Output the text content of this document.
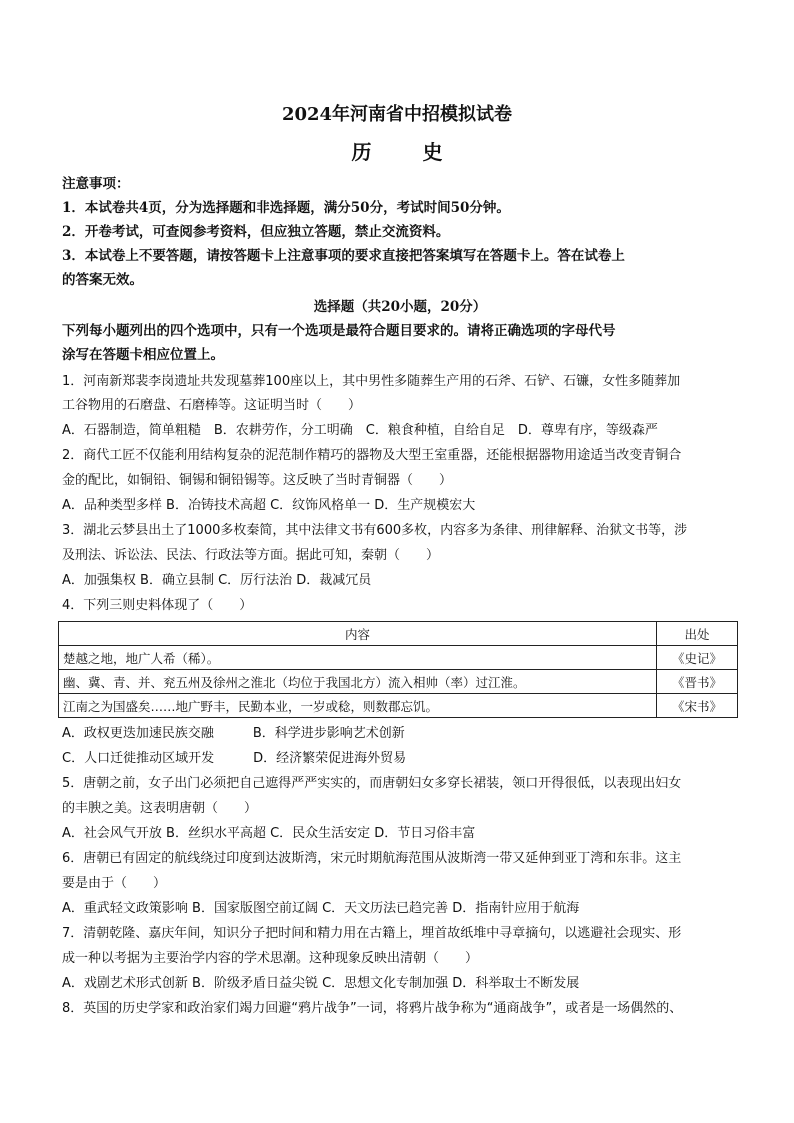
2024年河南省中招模拟试卷
历 史
注意事项：
1．本试卷共4页，分为选择题和非选择题，满分50分，考试时间50分钟。
2．开卷考试，可查阅参考资料，但应独立答题，禁止交流资料。
3．本试卷上不要答题，请按答题卡上注意事项的要求直接把答案填写在答题卡上。答在试卷上
的答案无效。
选择题（共20小题，20分）
下列每小题列出的四个选项中，只有一个选项是最符合题目要求的。请将正确选项的字母代号
涂写在答题卡相应位置上。
1．河南新郑裴李岗遗址共发现墓葬100座以上，其中男性多随葬生产用的石斧、石铲、石镰，女性多随葬加
工谷物用的石磨盘、石磨棒等。这证明当时（　　）
A．石器制造，简单粗糙　B．农耕劳作，分工明确　C．粮食种植，自给自足　D．尊卑有序，等级森严
2．商代工匠不仅能利用结构复杂的泥范制作精巧的器物及大型王室重器，还能根据器物用途适当改变青铜合
金的配比，如铜铅、铜锡和铜铅锡等。这反映了当时青铜器（　　）
A．品种类型多样 B．冶铸技术高超 C．纹饰风格单一 D．生产规模宏大
3．湖北云梦县出土了1000多枚秦简，其中法律文书有600多枚，内容多为条律、刑律解释、治狱文书等，涉
及刑法、诉讼法、民法、行政法等方面。据此可知，秦朝（　　）
A．加强集权 B．确立县制 C．厉行法治 D．裁减冗员
4．下列三则史料体现了（　　）
内容	出处
楚越之地，地广人希（稀）。	《史记》
幽、冀、青、并、兖五州及徐州之淮北（均位于我国北方）流入相帅（率）过江淮。	《晋书》
江南之为国盛矣……地广野丰，民勤本业，一岁或稔，则数郡忘饥。	《宋书》
A．政权更迭加速民族交融　　　B．科学进步影响艺术创新
C．人口迁徙推动区域开发　　　D．经济繁荣促进海外贸易
5．唐朝之前，女子出门必须把自己遮得严严实实的，而唐朝妇女多穿长裙装，领口开得很低，以表现出妇女
的丰腴之美。这表明唐朝（　　）
A．社会风气开放 B．丝织水平高超 C．民众生活安定 D．节日习俗丰富
6．唐朝已有固定的航线绕过印度到达波斯湾，宋元时期航海范围从波斯湾一带又延伸到亚丁湾和东非。这主
要是由于（　　）
A．重武轻文政策影响 B．国家版图空前辽阔 C．天文历法已趋完善 D．指南针应用于航海
7．清朝乾隆、嘉庆年间，知识分子把时间和精力用在古籍上，埋首故纸堆中寻章摘句，以逃避社会现实、形
成一种以考据为主要治学内容的学术思潮。这种现象反映出清朝（　　）
A．戏剧艺术形式创新 B．阶级矛盾日益尖锐 C．思想文化专制加强 D．科举取士不断发展
8．英国的历史学家和政治家们竭力回避“鸦片战争”一词，将鸦片战争称为“通商战争”，或者是一场偶然的、
